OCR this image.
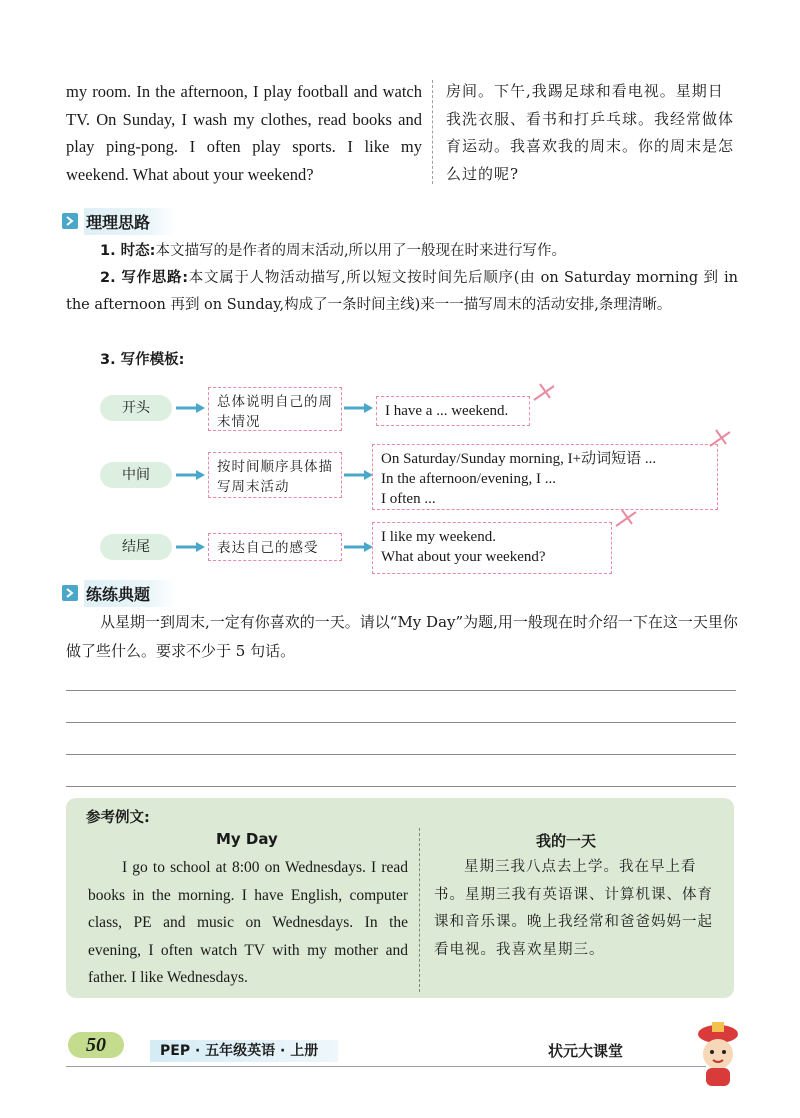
my room. In the afternoon, I play football and watch TV. On Sunday, I wash my clothes, read books and play ping-pong. I often play sports. I like my weekend. What about your weekend?
房间。下午,我踢足球和看电视。星期日我洗衣服、看书和打乒乓球。我经常做体育运动。我喜欢我的周末。你的周末是怎么过的呢?
理理思路
1. 时态:本文描写的是作者的周末活动,所以用了一般现在时来进行写作。
2. 写作思路:本文属于人物活动描写,所以短文按时间先后顺序(由 on Saturday morning 到 in the afternoon 再到 on Sunday,构成了一条时间主线)来一一描写周末的活动安排,条理清晰。
3. 写作模板:
开头	总体说明自己的周末情况
I have a ... weekend.
中间	按时间顺序具体描写周末活动
On Saturday/Sunday morning, I+动词短语 ...
In the afternoon/evening, I ...
I often ...
结尾	表达自己的感受
I like my weekend.
What about your weekend?
练练典题
从星期一到周末,一定有你喜欢的一天。请以“My Day”为题,用一般现在时介绍一下在这一天里你做了些什么。要求不少于 5 句话。
参考例文:
My Day
I go to school at 8:00 on Wednesdays. I read books in the morning. I have English, computer class, PE and music on Wednesdays. In the evening, I often watch TV with my mother and father. I like Wednesdays.
我的一天
星期三我八点去上学。我在早上看书。星期三我有英语课、计算机课、体育课和音乐课。晚上我经常和爸爸妈妈一起看电视。我喜欢星期三。
50	PEP · 五年级英语 · 上册	状元大课堂
